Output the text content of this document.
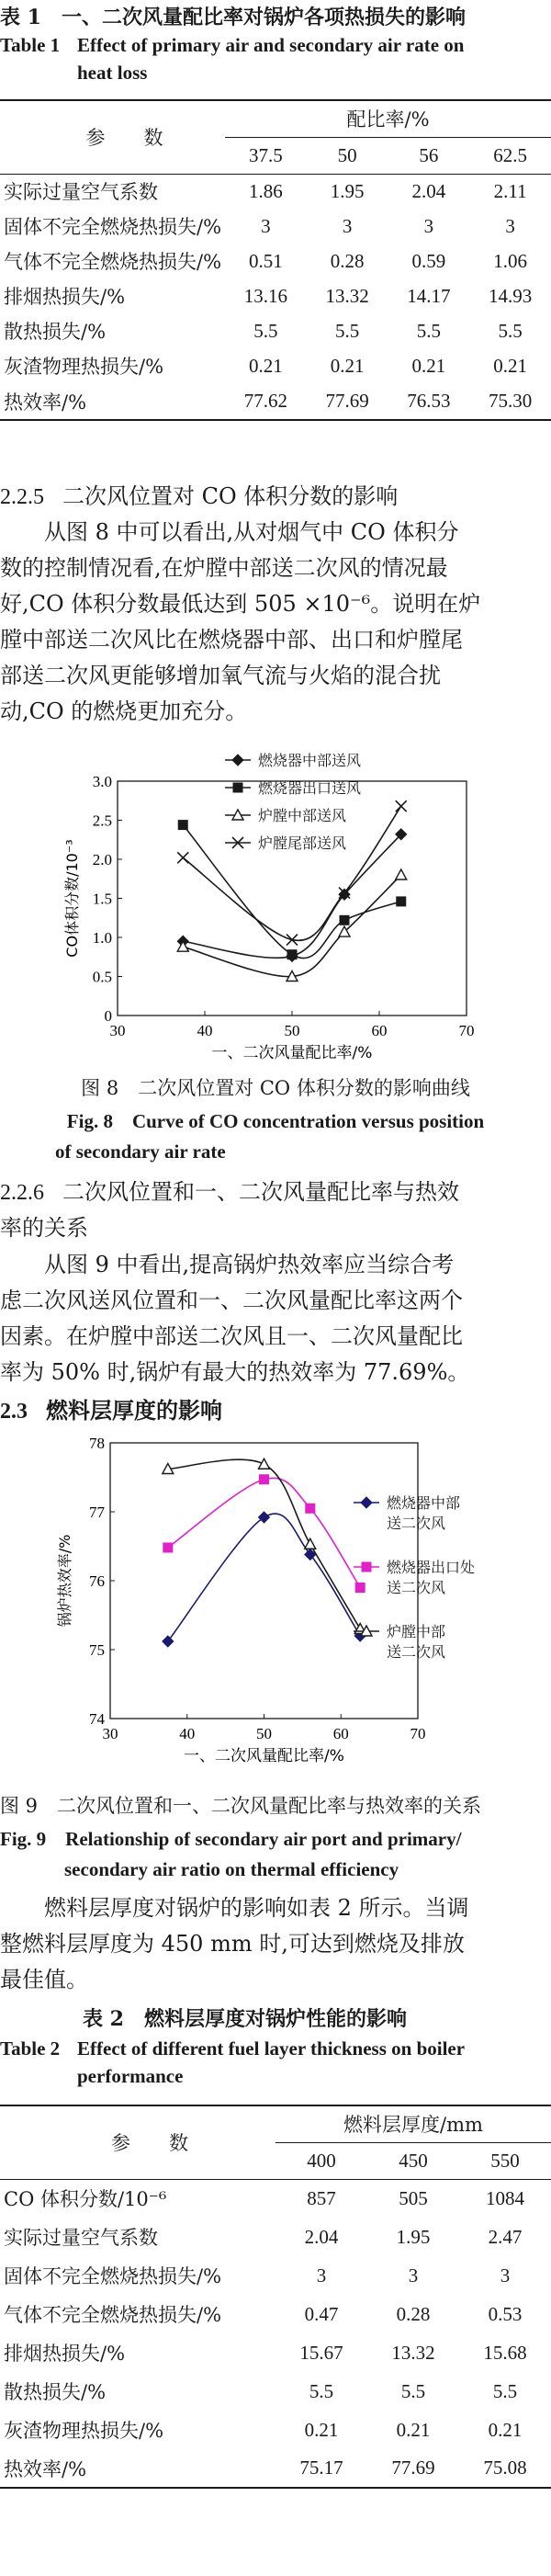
表 1　一、二次风量配比率对锅炉各项热损失的影响
Table 1 Effect of primary air and secondary air rate on
heat loss
参　　数	配比率/%			
	37.5	50	56	62.5
实际过量空气系数	1.86	1.95	2.04	2.11
固体不完全燃烧热损失/%	3	3	3	3
气体不完全燃烧热损失/%	0.51	0.28	0.59	1.06
排烟热损失/%	13.16	13.32	14.17	14.93
散热损失/%	5.5	5.5	5.5	5.5
灰渣物理热损失/%	0.21	0.21	0.21	0.21
热效率/%	77.62	77.69	76.53	75.30
2.2.5 二次风位置对 CO 体积分数的影响
从图 8 中可以看出,从对烟气中 CO 体积分
数的控制情况看,在炉膛中部送二次风的情况最
好,CO 体积分数最低达到 505 ×10⁻⁶。说明在炉
膛中部送二次风比在燃烧器中部、出口和炉膛尾
部送二次风更能够增加氧气流与火焰的混合扰
动,CO 的燃烧更加充分。
30	40	50	60	70
0
0.5
1.0
1.5
2.0
2.5
3.0
一、二次风量配比率/%
CO体积分数/10⁻³
燃烧器中部送风
燃烧器出口送风
炉膛中部送风
炉膛尾部送风
图 8　二次风位置对 CO 体积分数的影响曲线
Fig. 8　Curve of CO concentration versus position
of secondary air rate
2.2.6 二次风位置和一、二次风量配比率与热效
率的关系
从图 9 中看出,提高锅炉热效率应当综合考
虑二次风送风位置和一、二次风量配比率这两个
因素。在炉膛中部送二次风且一、二次风量配比
率为 50% 时,锅炉有最大的热效率为 77.69%。
2.3 燃料层厚度的影响
30	40	50	60	70
74
75
76
77
78
一、二次风量配比率/%
锅炉热效率/%
燃烧器中部
送二次风
燃烧器出口处
送二次风
炉膛中部
送二次风
图 9　二次风位置和一、二次风量配比率与热效率的关系
Fig. 9　Relationship of secondary air port and primary/
secondary air ratio on thermal efficiency
燃料层厚度对锅炉的影响如表 2 所示。当调
整燃料层厚度为 450 mm 时,可达到燃烧及排放
最佳值。
表 2　燃料层厚度对锅炉性能的影响
Table 2 Effect of different fuel layer thickness on boiler
performance
参　　数	燃料层厚度/mm		
	400	450	550
CO 体积分数/10⁻⁶	857	505	1084
实际过量空气系数	2.04	1.95	2.47
固体不完全燃烧热损失/%	3	3	3
气体不完全燃烧热损失/%	0.47	0.28	0.53
排烟热损失/%	15.67	13.32	15.68
散热损失/%	5.5	5.5	5.5
灰渣物理热损失/%	0.21	0.21	0.21
热效率/%	75.17	77.69	75.08
